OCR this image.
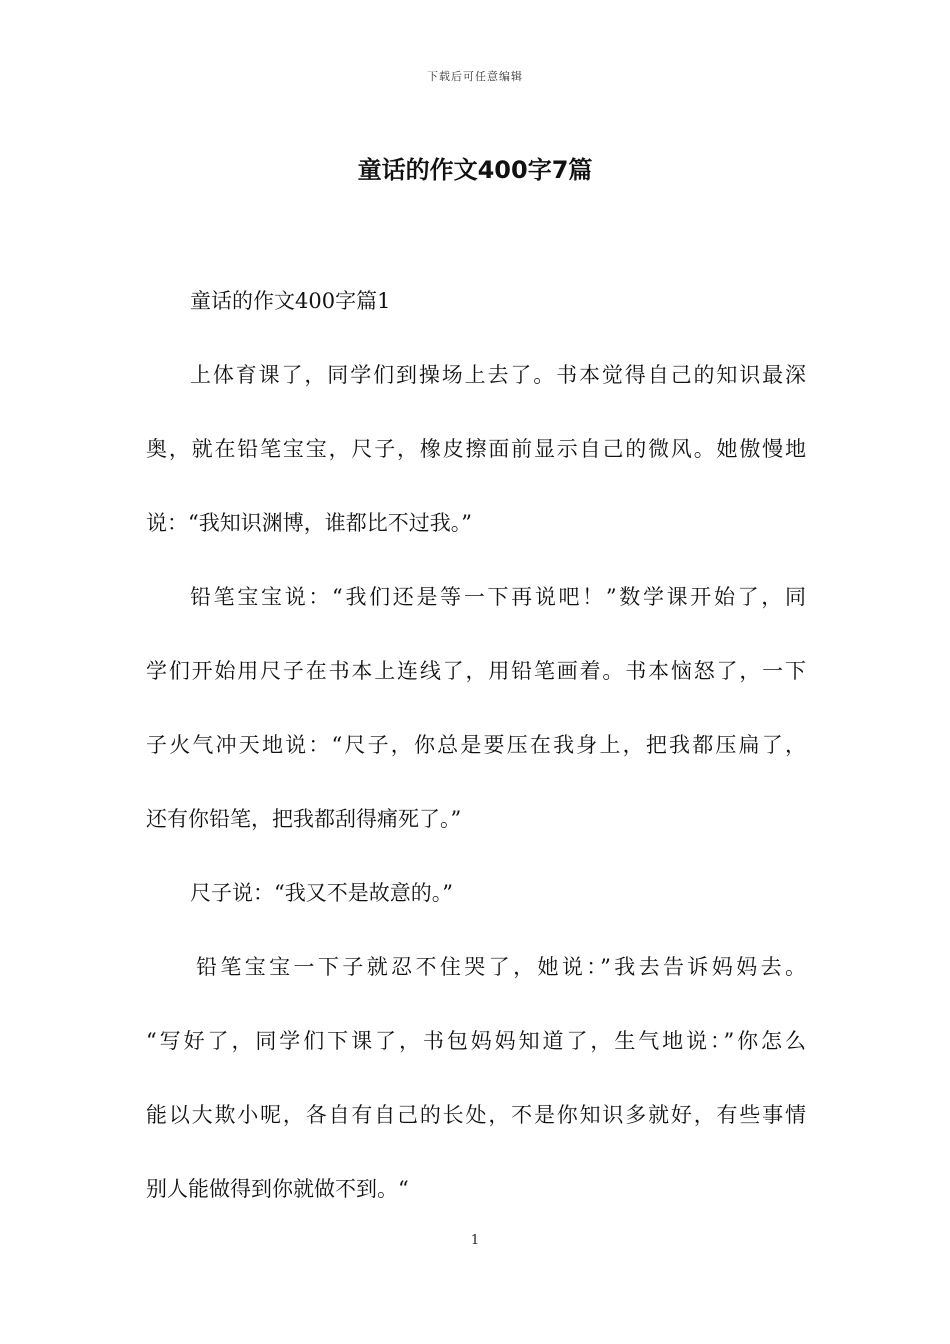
下载后可任意编辑
童话的作文400字7篇
童话的作文400字篇1
上体育课了，同学们到操场上去了。书本觉得自己的知识最深
奥，就在铅笔宝宝，尺子，橡皮擦面前显示自己的微风。她傲慢地
说：“我知识渊博，谁都比不过我。”
铅笔宝宝说：“我们还是等一下再说吧！”数学课开始了，同
学们开始用尺子在书本上连线了，用铅笔画着。书本恼怒了，一下
子火气冲天地说：“尺子，你总是要压在我身上，把我都压扁了，
还有你铅笔，把我都刮得痛死了。”
尺子说：“我又不是故意的。”
铅笔宝宝一下子就忍不住哭了，她说：”我去告诉妈妈去。
“写好了，同学们下课了，书包妈妈知道了，生气地说：”你怎么
能以大欺小呢，各自有自己的长处，不是你知识多就好，有些事情
别人能做得到你就做不到。“
1
